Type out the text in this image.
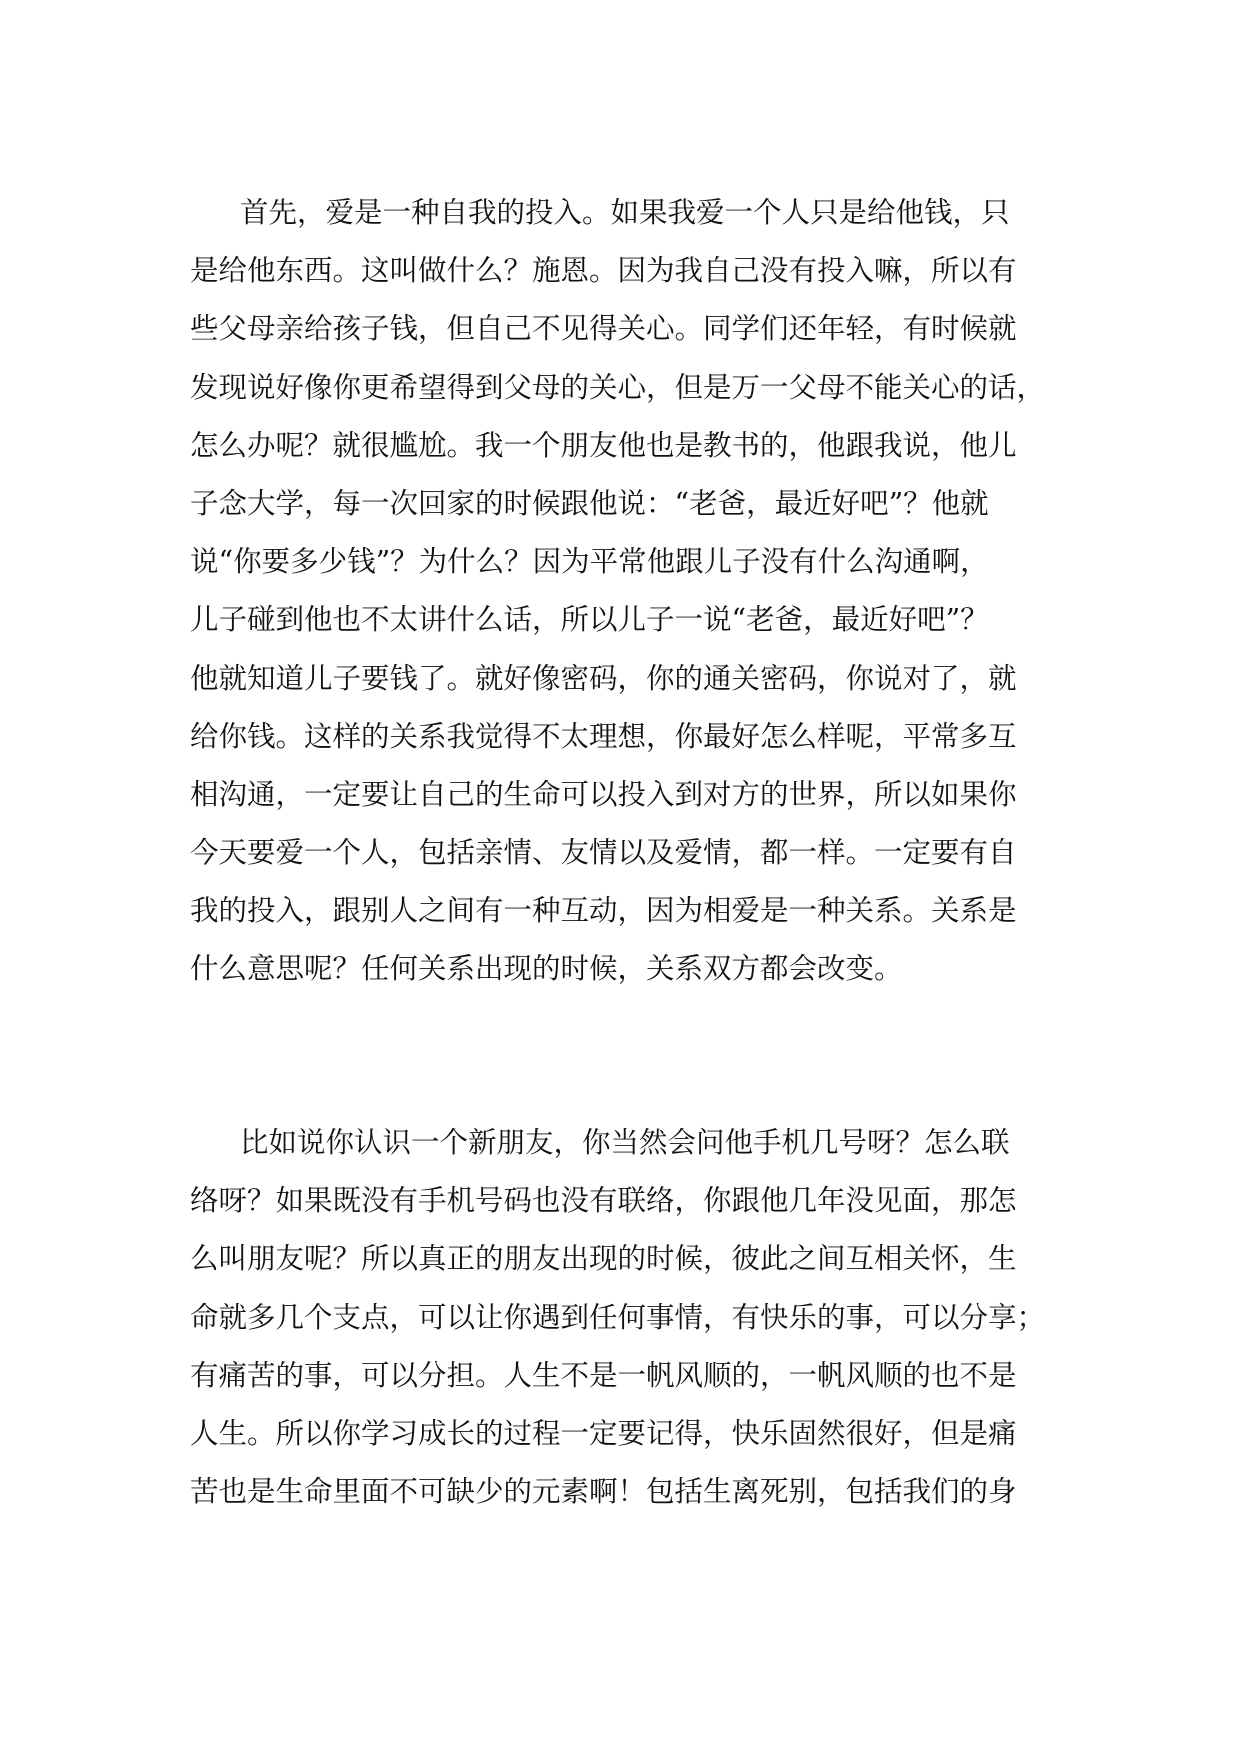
首先，爱是一种自我的投入。如果我爱一个人只是给他钱，只
是给他东西。这叫做什么？施恩。因为我自己没有投入嘛，所以有
些父母亲给孩子钱，但自己不见得关心。同学们还年轻，有时候就
发现说好像你更希望得到父母的关心，但是万一父母不能关心的话，
怎么办呢？就很尴尬。我一个朋友他也是教书的，他跟我说，他儿
子念大学，每一次回家的时候跟他说：“老爸，最近好吧”？他就
说“你要多少钱”？为什么？因为平常他跟儿子没有什么沟通啊，
儿子碰到他也不太讲什么话，所以儿子一说“老爸，最近好吧”？
他就知道儿子要钱了。就好像密码，你的通关密码，你说对了，就
给你钱。这样的关系我觉得不太理想，你最好怎么样呢，平常多互
相沟通，一定要让自己的生命可以投入到对方的世界，所以如果你
今天要爱一个人，包括亲情、友情以及爱情，都一样。一定要有自
我的投入，跟别人之间有一种互动，因为相爱是一种关系。关系是
什么意思呢？任何关系出现的时候，关系双方都会改变。
比如说你认识一个新朋友，你当然会问他手机几号呀？怎么联
络呀？如果既没有手机号码也没有联络，你跟他几年没见面，那怎
么叫朋友呢？所以真正的朋友出现的时候，彼此之间互相关怀，生
命就多几个支点，可以让你遇到任何事情，有快乐的事，可以分享；
有痛苦的事，可以分担。人生不是一帆风顺的，一帆风顺的也不是
人生。所以你学习成长的过程一定要记得，快乐固然很好，但是痛
苦也是生命里面不可缺少的元素啊！包括生离死别，包括我们的身
